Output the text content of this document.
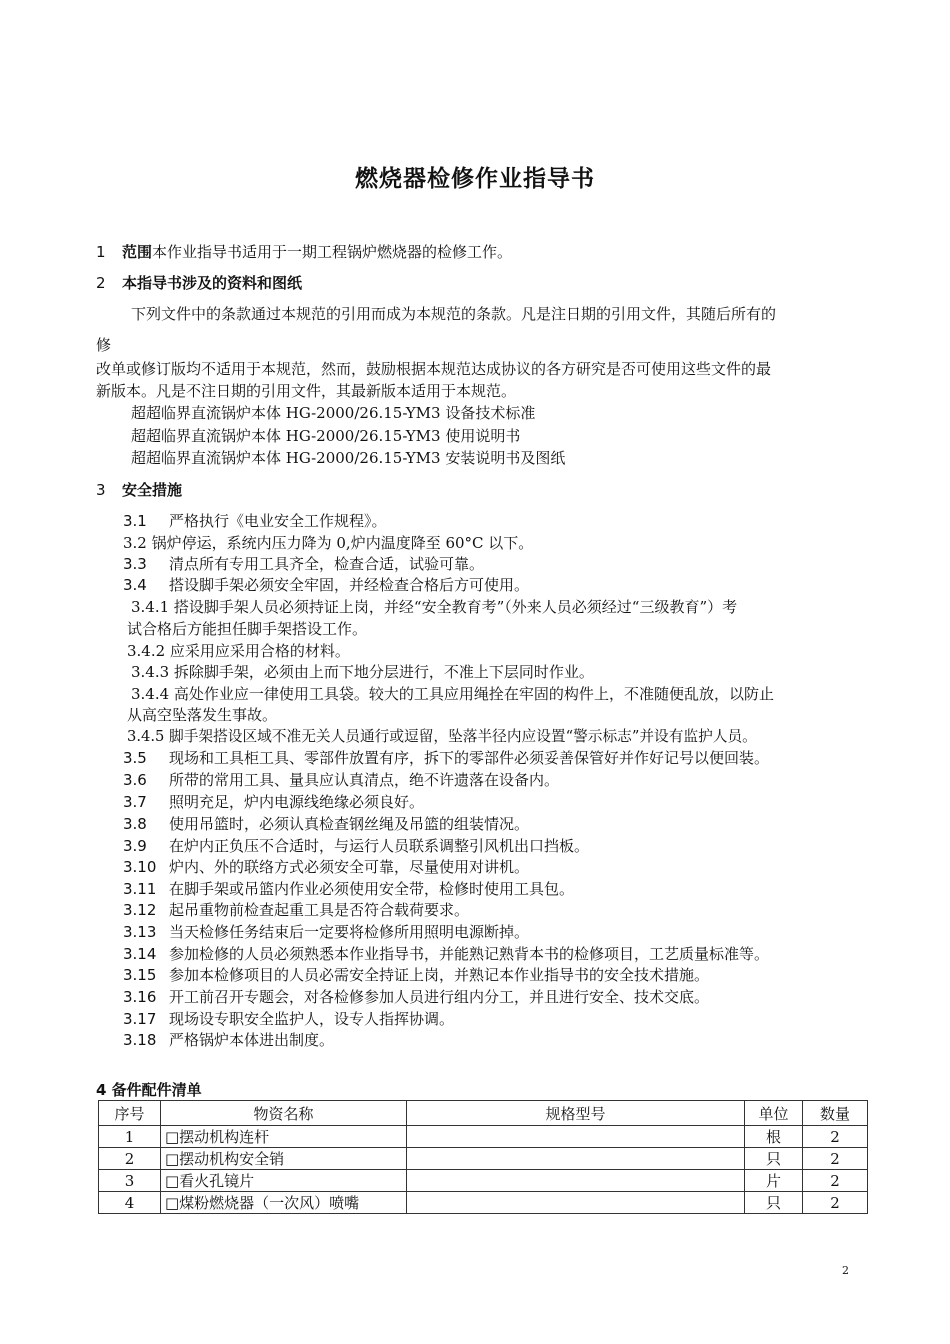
燃烧器检修作业指导书
1 范围本作业指导书适用于一期工程锅炉燃烧器的检修工作。
2 本指导书涉及的资料和图纸
下列文件中的条款通过本规范的引用而成为本规范的条款。凡是注日期的引用文件，其随后所有的
修
改单或修订版均不适用于本规范，然而，鼓励根据本规范达成协议的各方研究是否可使用这些文件的最
新版本。凡是不注日期的引用文件，其最新版本适用于本规范。
超超临界直流锅炉本体 HG-2000/26.15-YM3 设备技术标准
超超临界直流锅炉本体 HG-2000/26.15-YM3 使用说明书
超超临界直流锅炉本体 HG-2000/26.15-YM3 安装说明书及图纸
3 安全措施
3.1 严格执行《电业安全工作规程》。
3.2 锅炉停运，系统内压力降为 0,炉内温度降至 60°C 以下。
3.3 清点所有专用工具齐全，检查合适，试验可靠。
3.4 搭设脚手架必须安全牢固，并经检查合格后方可使用。
3.4.1 搭设脚手架人员必须持证上岗，并经“安全教育考”（外来人员必须经过“三级教育”）考
试合格后方能担任脚手架搭设工作。
3.4.2 应采用应采用合格的材料。
3.4.3 拆除脚手架，必须由上而下地分层进行，不准上下层同时作业。
3.4.4 高处作业应一律使用工具袋。较大的工具应用绳拴在牢固的构件上，不准随便乱放，以防止
从高空坠落发生事故。
3.4.5 脚手架搭设区域不准无关人员通行或逗留，坠落半径内应设置“警示标志”并设有监护人员。
3.5 现场和工具柜工具、零部件放置有序，拆下的零部件必须妥善保管好并作好记号以便回装。
3.6 所带的常用工具、量具应认真清点，绝不许遗落在设备内。
3.7 照明充足，炉内电源线绝缘必须良好。
3.8 使用吊篮时，必须认真检查钢丝绳及吊篮的组装情况。
3.9 在炉内正负压不合适时，与运行人员联系调整引风机出口挡板。
3.10 炉内、外的联络方式必须安全可靠，尽量使用对讲机。
3.11 在脚手架或吊篮内作业必须使用安全带，检修时使用工具包。
3.12 起吊重物前检查起重工具是否符合载荷要求。
3.13 当天检修任务结束后一定要将检修所用照明电源断掉。
3.14 参加检修的人员必须熟悉本作业指导书，并能熟记熟背本书的检修项目，工艺质量标准等。
3.15 参加本检修项目的人员必需安全持证上岗，并熟记本作业指导书的安全技术措施。
3.16 开工前召开专题会，对各检修参加人员进行组内分工，并且进行安全、技术交底。
3.17 现场设专职安全监护人，设专人指挥协调。
3.18 严格锅炉本体进出制度。
4 备件配件清单
序号	物资名称	规格型号	单位	数量
1	□摆动机构连杆		根	2
2	□摆动机构安全销		只	2
3	□看火孔镜片		片	2
4	□煤粉燃烧器（一次风）喷嘴		只	2
2
